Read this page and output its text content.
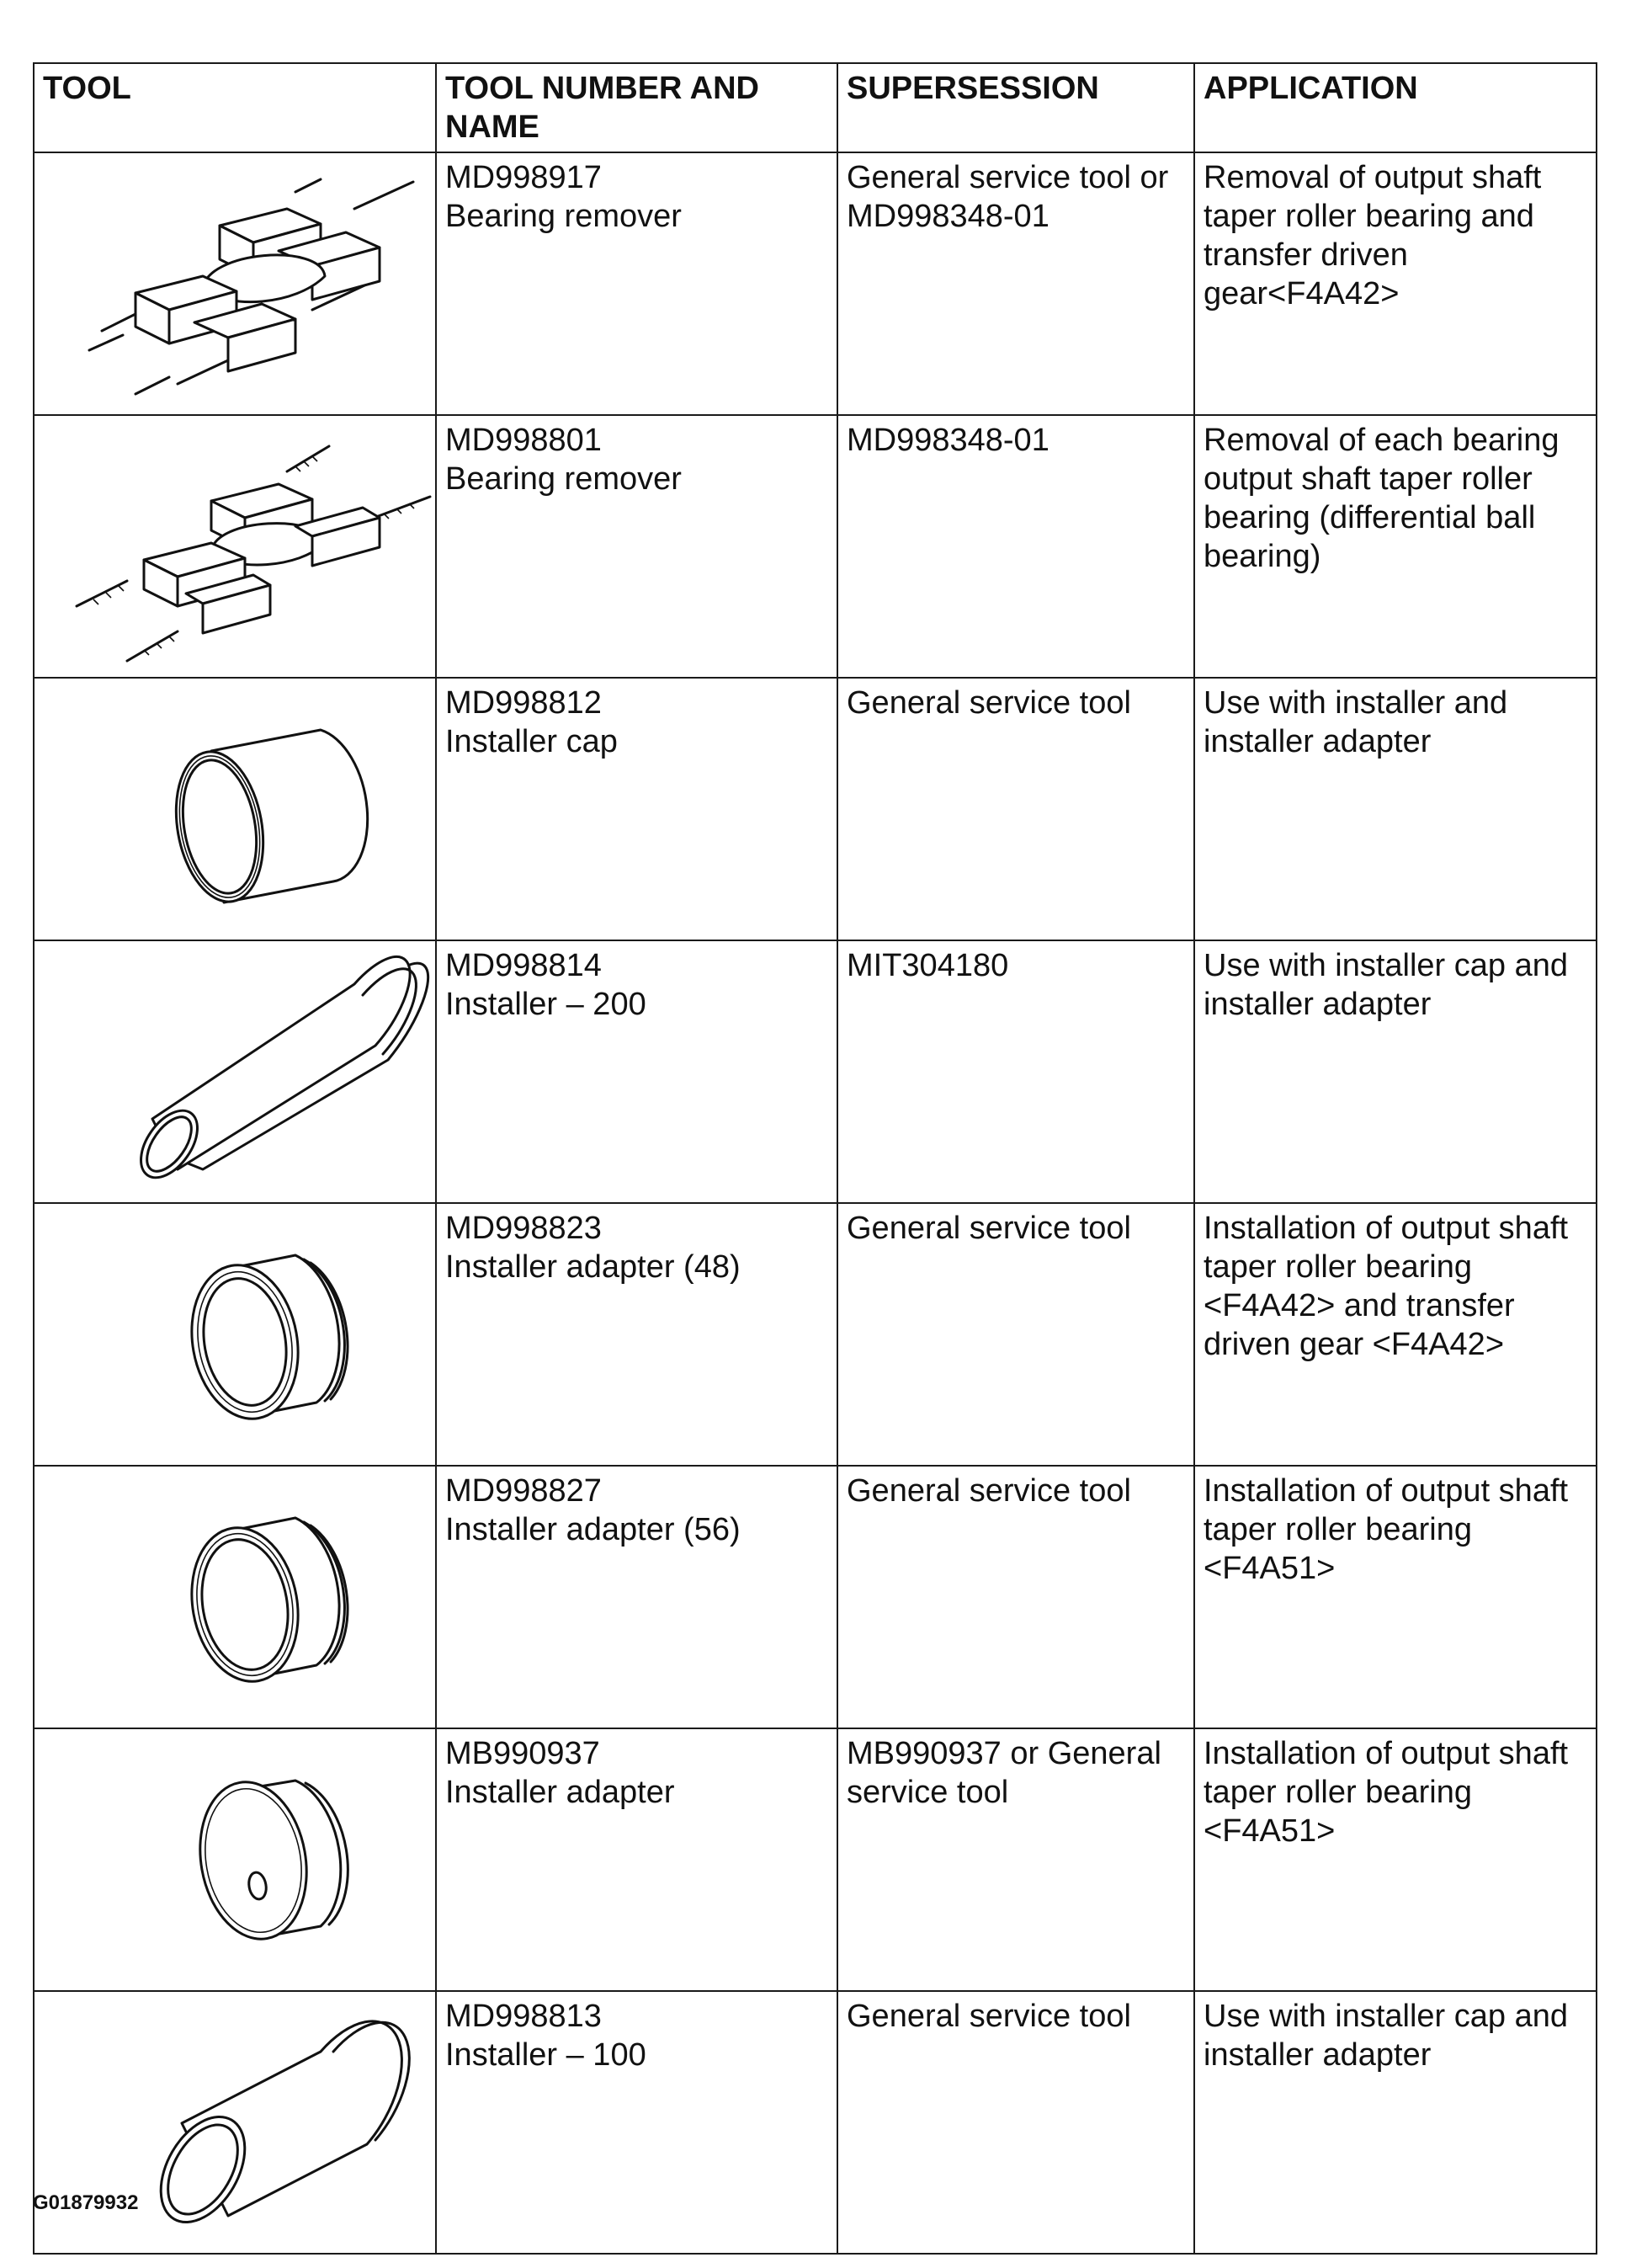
TOOL	TOOL NUMBER AND NAME	SUPERSESSION	APPLICATION

MD998917
Bearing remover	General service tool or MD998348-01	Removal of output shaft taper roller bearing and transfer driven gear<F4A42>

MD998801
Bearing remover	MD998348-01	Removal of each bearing output shaft taper roller bearing (differential ball bearing)

MD998812
Installer cap	General service tool	Use with installer and installer adapter

MD998814
Installer – 200	MIT304180	Use with installer cap and installer adapter

MD998823
Installer adapter (48)	General service tool	Installation of output shaft taper roller bearing <F4A42> and transfer driven gear <F4A42>

MD998827
Installer adapter (56)	General service tool	Installation of output shaft taper roller bearing <F4A51>

MB990937
Installer adapter	MB990937 or General service tool	Installation of output shaft taper roller bearing <F4A51>

MD998813
Installer – 100	General service tool	Use with installer cap and installer adapter
G01879932
